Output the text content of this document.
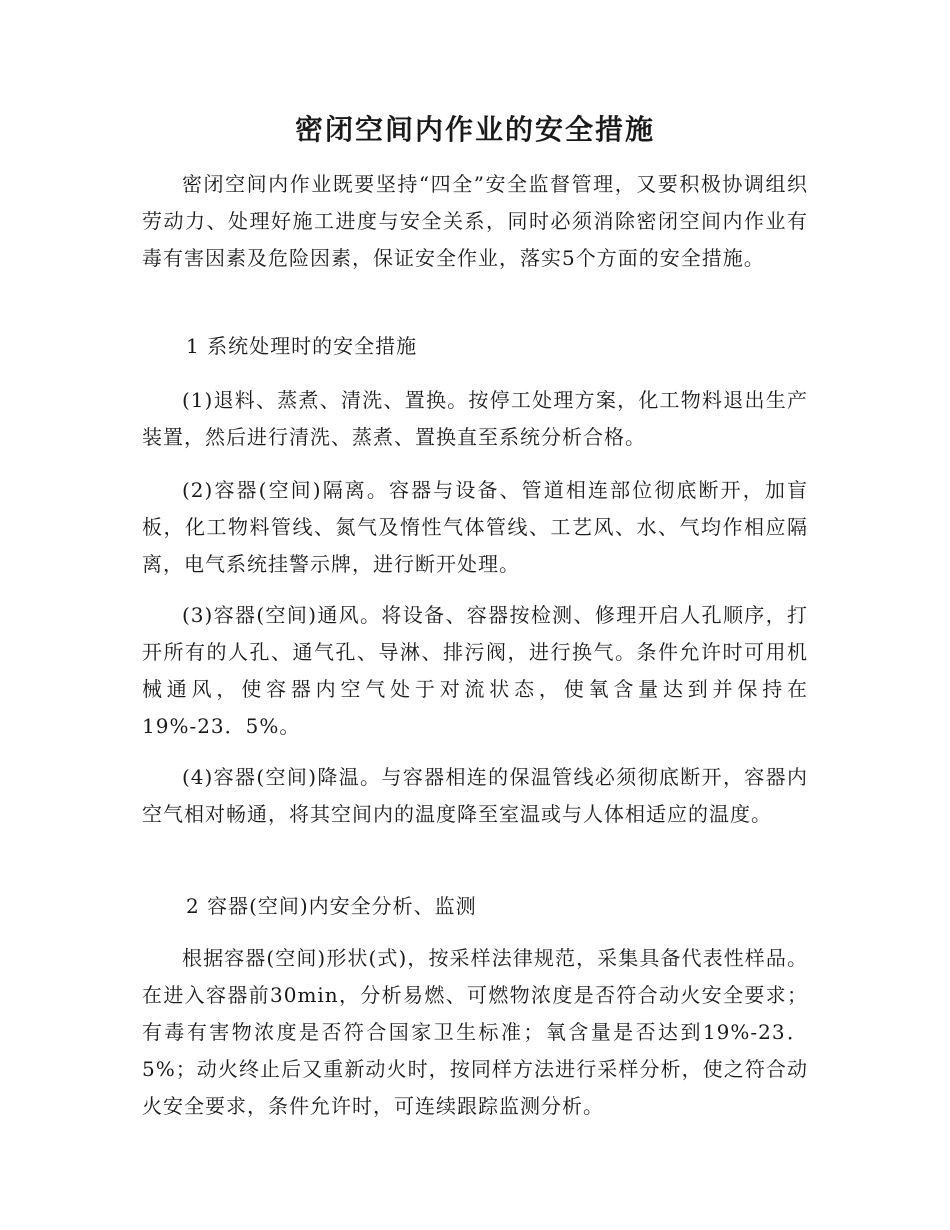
密闭空间内作业的安全措施

密闭空间内作业既要坚持“四全”安全监督管理，又要积极协调组织劳动力、处理好施工进度与安全关系，同时必须消除密闭空间内作业有毒有害因素及危险因素，保证安全作业，落实5个方面的安全措施。

1 系统处理时的安全措施

(1)退料、蒸煮、清洗、置换。按停工处理方案，化工物料退出生产装置，然后进行清洗、蒸煮、置换直至系统分析合格。

(2)容器(空间)隔离。容器与设备、管道相连部位彻底断开，加盲板，化工物料管线、氮气及惰性气体管线、工艺风、水、气均作相应隔离，电气系统挂警示牌，进行断开处理。

(3)容器(空间)通风。将设备、容器按检测、修理开启人孔顺序，打开所有的人孔、通气孔、导淋、排污阀，进行换气。条件允许时可用机械通风，使容器内空气处于对流状态，使氧含量达到并保持在19%-23．5%。

(4)容器(空间)降温。与容器相连的保温管线必须彻底断开，容器内空气相对畅通，将其空间内的温度降至室温或与人体相适应的温度。

2 容器(空间)内安全分析、监测

根据容器(空间)形状(式)，按采样法律规范，采集具备代表性样品。在进入容器前30min，分析易燃、可燃物浓度是否符合动火安全要求；有毒有害物浓度是否符合国家卫生标准；氧含量是否达到19%-23．5%；动火终止后又重新动火时，按同样方法进行采样分析，使之符合动火安全要求，条件允许时，可连续跟踪监测分析。
